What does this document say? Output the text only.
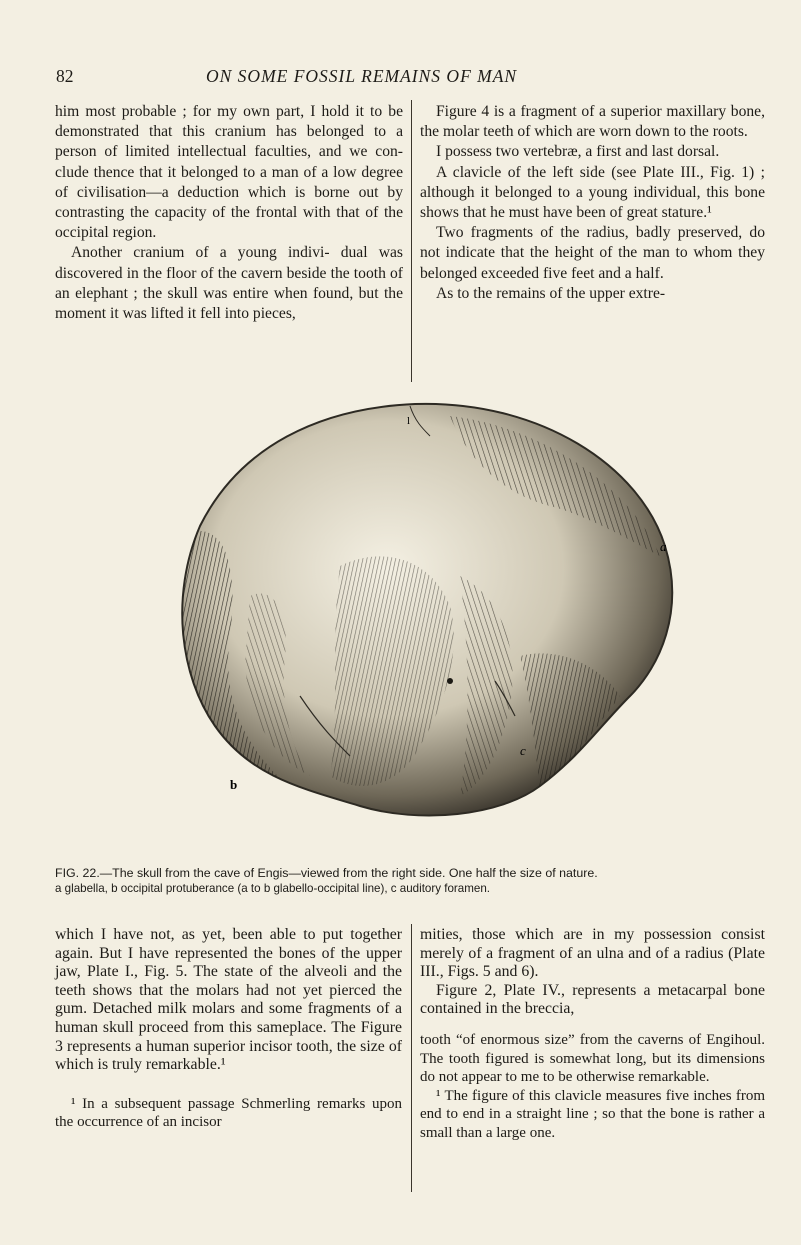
82	ON SOME FOSSIL REMAINS OF MAN

him most probable ; for my own part, I hold it to be demonstrated that this cranium has belonged to a person of limited intellectual faculties, and we con- clude thence that it belonged to a man of a low degree of civilisation—a deduction which is borne out by contrasting the capacity of the frontal with that of the occipital region.

Another cranium of a young indivi- dual was discovered in the floor of the cavern beside the tooth of an elephant ; the skull was entire when found, but the moment it was lifted it fell into pieces,

Figure 4 is a fragment of a superior maxillary bone, the molar teeth of which are worn down to the roots.

I possess two vertebræ, a first and last dorsal.

A clavicle of the left side (see Plate III., Fig. 1) ; although it belonged to a young individual, this bone shows that he must have been of great stature.¹

Two fragments of the radius, badly preserved, do not indicate that the height of the man to whom they belonged exceeded five feet and a half.

As to the remains of the upper extre-

a
b
c
l
FIG. 22.—The skull from the cave of Engis—viewed from the right side. One half the size of nature.
a glabella, b occipital protuberance (a to b glabello-occipital line), c auditory foramen.

which I have not, as yet, been able to put together again. But I have represented the bones of the upper jaw, Plate I., Fig. 5. The state of the alveoli and the teeth shows that the molars had not yet pierced the gum. Detached milk molars and some fragments of a human skull proceed from this sameplace. The Figure 3 represents a human superior incisor tooth, the size of which is truly remarkable.¹

¹ In a subsequent passage Schmerling remarks upon the occurrence of an incisor

mities, those which are in my possession consist merely of a fragment of an ulna and of a radius (Plate III., Figs. 5 and 6).

Figure 2, Plate IV., represents a metacarpal bone contained in the breccia,

tooth “of enormous size” from the caverns of Engihoul. The tooth figured is somewhat long, but its dimensions do not appear to me to be otherwise remarkable.

¹ The figure of this clavicle measures five inches from end to end in a straight line ; so that the bone is rather a small than a large one.
